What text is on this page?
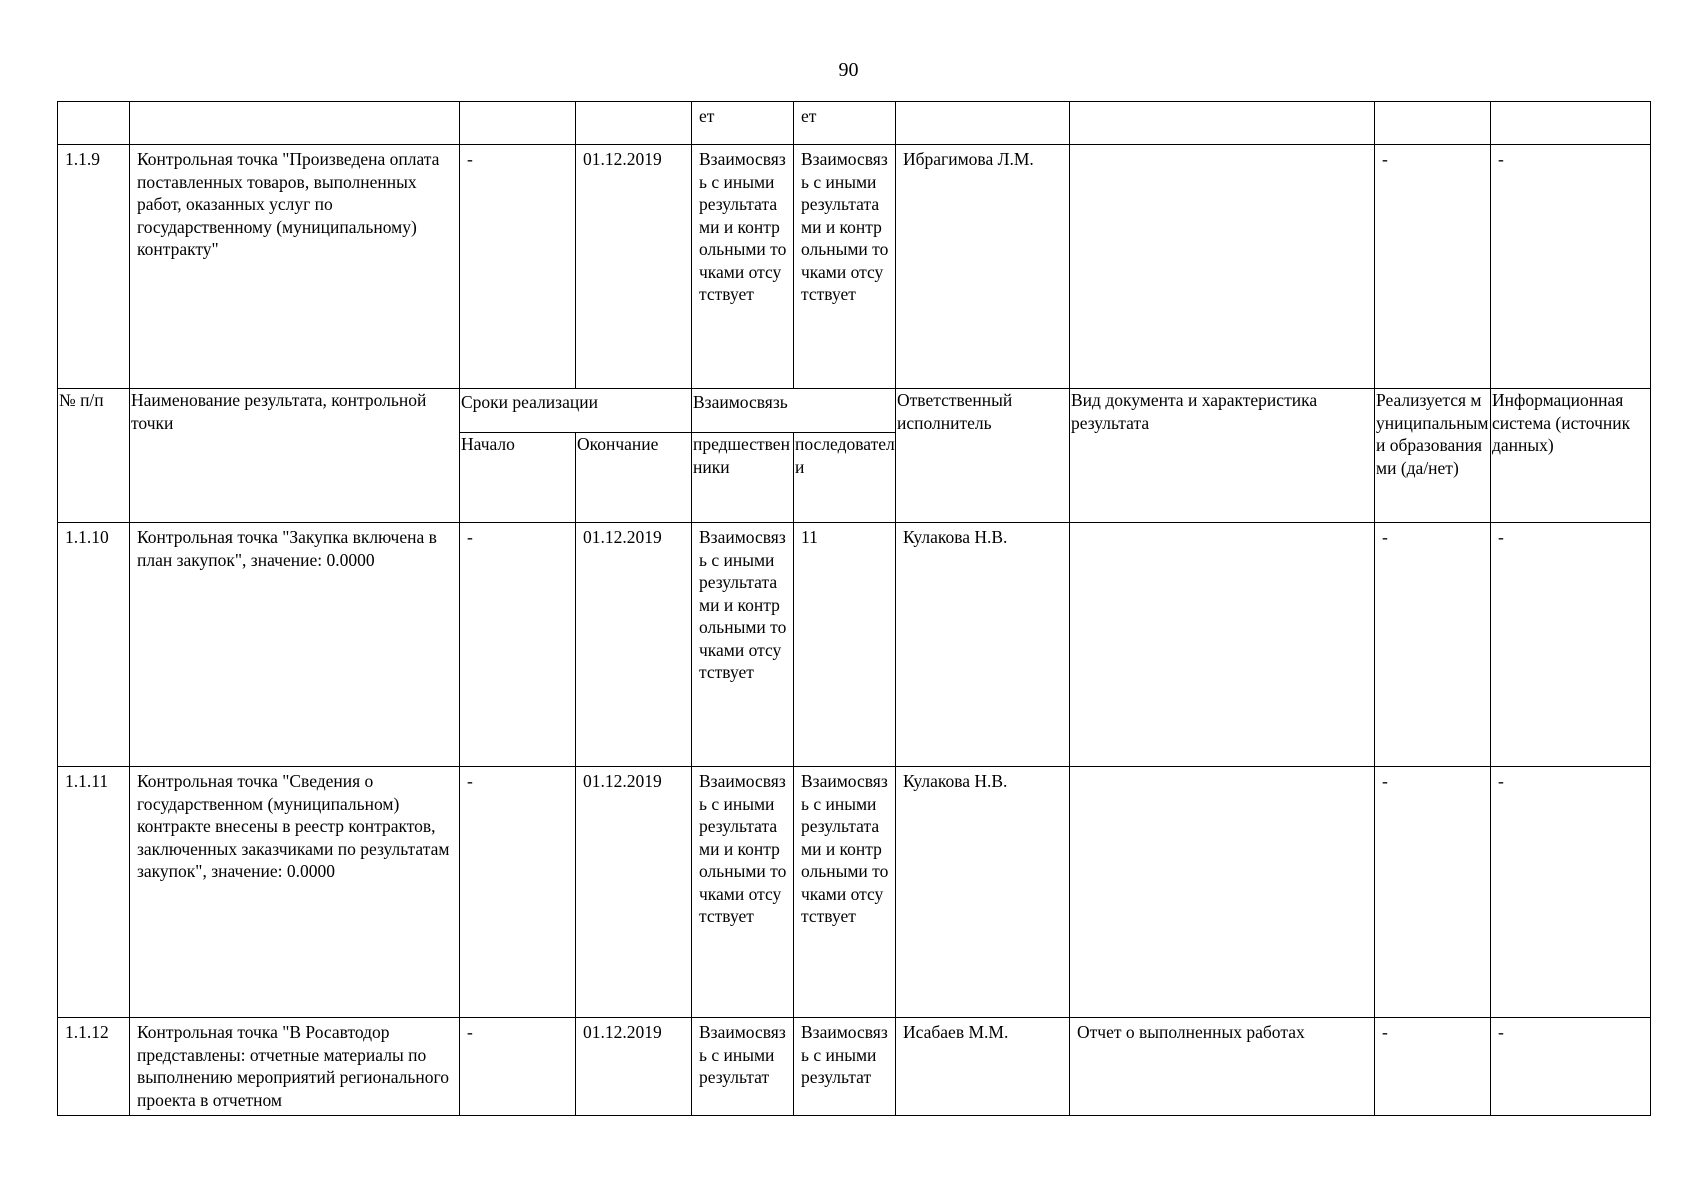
90

				ет	ет				

1.1.9	Контрольная точка "Произведена оплата поставленных товаров, выполненных работ, оказанных услуг по государственному (муниципальному) контракту"	-	01.12.2019	Взаимосвязь с иными результатами и контрольными точками отсутствует	Взаимосвязь с иными результатами и контрольными точками отсутствует	Ибрагимова Л.М.		-	-

№ п/п	Наименование результата, контрольной точки	Сроки реализации		Взаимосвязь		Ответственный исполнитель	Вид документа и характеристика результата	Реализуется муниципальными образованиями (да/нет)	Информационная система (источник данных)

		Начало	Окончание	предшественники	последователи				

1.1.10	Контрольная точка "Закупка включена в план закупок", значение: 0.0000	-	01.12.2019	Взаимосвязь с иными результатами и контрольными точками отсутствует	11	Кулакова Н.В.		-	-

1.1.11	Контрольная точка "Сведения о государственном (муниципальном) контракте внесены в реестр контрактов, заключенных заказчиками по результатам закупок", значение: 0.0000	-	01.12.2019	Взаимосвязь с иными результатами и контрольными точками отсутствует	Взаимосвязь с иными результатами и контрольными точками отсутствует	Кулакова Н.В.		-	-

1.1.12	Контрольная точка "В Росавтодор представлены: отчетные материалы по выполнению мероприятий регионального проекта в отчетном	-	01.12.2019	Взаимосвязь с иными результат	Взаимосвязь с иными результат	Исабаев М.М.	Отчет о выполненных работах	-	-
